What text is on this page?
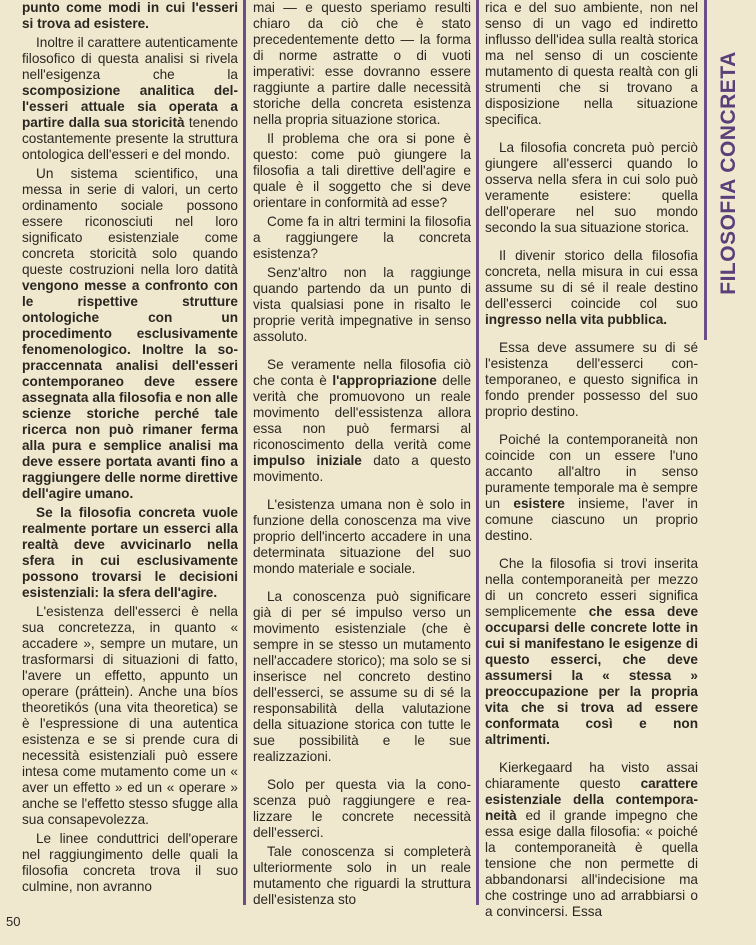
punto come modi in cui l'esseri si trova ad esistere.

Inoltre il carattere autenticamente filosofico di questa analisi si rivela nell'esigenza che la scomposizione analitica dell'esseri attuale sia operata a partire dalla sua storicità tenendo costantemente presente la struttura ontologica dell'esseri e del mondo.

Un sistema scientifico, una messa in serie di valori, un certo ordinamento sociale possono essere riconosciuti nel loro significato esistenziale come concreta storicità solo quando queste costruzioni nella loro datità vengono messe a confronto con le rispettive strutture ontologiche con un procedimento esclusivamente fenomenologico. Inoltre la sopraccennata analisi dell'esseri contemporaneo deve essere assegnata alla filosofia e non alle scienze storiche perché tale ricerca non può rimaner ferma alla pura e semplice analisi ma deve essere portata avanti fino a raggiungere delle norme direttive dell'agire umano.

Se la filosofia concreta vuole realmente portare un esserci alla realtà deve avvicinarlo nella sfera in cui esclusivamente possono trovarsi le decisioni esistenziali: la sfera dell'agire.

L'esistenza dell'esserci è nella sua concretezza, in quanto « accadere », sempre un mutare, un trasformarsi di situazioni di fatto, l'avere un effetto, appunto un operare (práttein). Anche una bíos theoretikós (una vita theoretica) se è l'espressione di una autentica esistenza e se si prende cura di necessità esistenziali può essere intesa come mutamento come un « aver un effetto » ed un « operare » anche se l'effetto stesso sfugge alla sua consapevolezza.

Le linee conduttrici dell'operare nel raggiungimento delle quali la filosofia concreta trova il suo culmine, non avranno

mai — e questo speriamo resulti chiaro da ciò che è stato precedentemente detto — la forma di norme astratte o di vuoti imperativi: esse dovranno essere raggiunte a partire dalle necessità storiche della concreta esistenza nella propria situazione storica.

Il problema che ora si pone è questo: come può giungere la filosofia a tali direttive dell'agire e quale è il soggetto che si deve orientare in conformità ad esse?

Come fa in altri termini la filosofia a raggiungere la concreta esistenza?

Senz'altro non la raggiunge quando partendo da un punto di vista qualsiasi pone in risalto le proprie verità impegnative in senso assoluto.

Se veramente nella filosofia ciò che conta è l'appropriazione delle verità che promuovono un reale movimento dell'essistenza allora essa non può fermarsi al riconoscimento della verità come impulso iniziale dato a questo movimento.

L'esistenza umana non è solo in funzione della conoscenza ma vive proprio dell'incerto accadere in una determinata situazione del suo mondo materiale e sociale.

La conoscenza può significare già di per sé impulso verso un movimento esistenziale (che è sempre in se stesso un mutamento nell'accadere storico); ma solo se si inserisce nel concreto destino dell'esserci, se assume su di sé la responsabilità della valutazione della situazione storica con tutte le sue possibilità e le sue realizzazioni.

Solo per questa via la conoscenza può raggiungere e realizzare le concrete necessità dell'esserci.

Tale conoscenza si completerà ulteriormente solo in un reale mutamento che riguardi la struttura dell'esistenza sto

rica e del suo ambiente, non nel senso di un vago ed indiretto influsso dell'idea sulla realtà storica ma nel senso di un cosciente mutamento di questa realtà con gli strumenti che si trovano a disposizione nella situazione specifica.

La filosofia concreta può perciò giungere all'esserci quando lo osserva nella sfera in cui solo può veramente esistere: quella dell'operare nel suo mondo secondo la sua situazione storica.

Il divenir storico della filosofia concreta, nella misura in cui essa assume su di sé il reale destino dell'esserci coincide col suo ingresso nella vita pubblica.

Essa deve assumere su di sé l'esistenza dell'esserci contemporaneo, e questo significa in fondo prender possesso del suo proprio destino.

Poiché la contemporaneità non coincide con un essere l'uno accanto all'altro in senso puramente temporale ma è sempre un esistere insieme, l'aver in comune ciascuno un proprio destino.

Che la filosofia si trovi inserita nella contemporaneità per mezzo di un concreto esseri significa semplicemente che essa deve occuparsi delle concrete lotte in cui si manifestano le esigenze di questo esserci, che deve assumersi la « stessa » preoccupazione per la propria vita che si trova ad essere conformata così e non altrimenti.

Kierkegaard ha visto assai chiaramente questo carattere esistenziale della contemporaneità ed il grande impegno che essa esige dalla filosofia: « poiché la contemporaneità è quella tensione che non permette di abbandonarsi all'indecisione ma che costringe uno ad arrabbiarsi o a convincersi. Essa

FILOSOFIA CONCRETA
50
